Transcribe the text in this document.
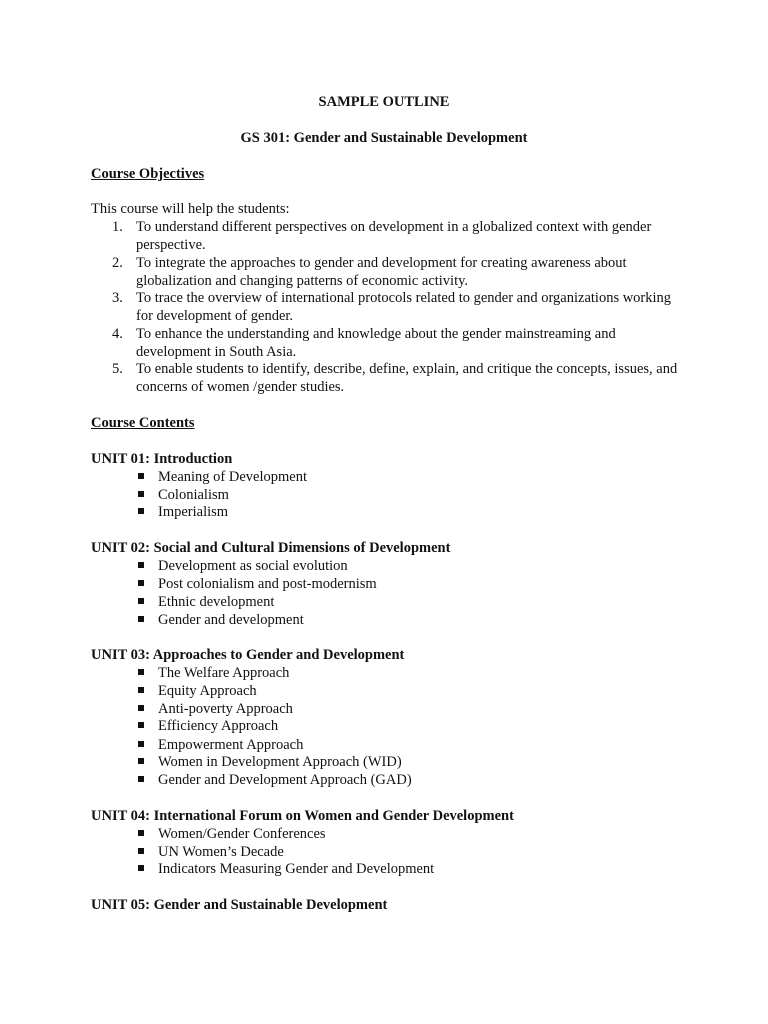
SAMPLE OUTLINE
GS 301: Gender and Sustainable Development
Course Objectives
This course will help the students:
1. To understand different perspectives on development in a globalized context with gender perspective.
2. To integrate the approaches to gender and development for creating awareness about globalization and changing patterns of economic activity.
3. To trace the overview of international protocols related to gender and organizations working for development of gender.
4. To enhance the understanding and knowledge about the gender mainstreaming and development in South Asia.
5. To enable students to identify, describe, define, explain, and critique the concepts, issues, and concerns of women /gender studies.
Course Contents
UNIT 01: Introduction
Meaning of Development
Colonialism
Imperialism
UNIT 02: Social and Cultural Dimensions of Development
Development as social evolution
Post colonialism and post-modernism
Ethnic development
Gender and development
UNIT 03: Approaches to Gender and Development
The Welfare Approach
Equity Approach
Anti-poverty Approach
Efficiency Approach
Empowerment Approach
Women in Development Approach (WID)
Gender and Development Approach (GAD)
UNIT 04: International Forum on Women and Gender Development
Women/Gender Conferences
UN Women’s Decade
Indicators Measuring Gender and Development
UNIT 05: Gender and Sustainable Development
